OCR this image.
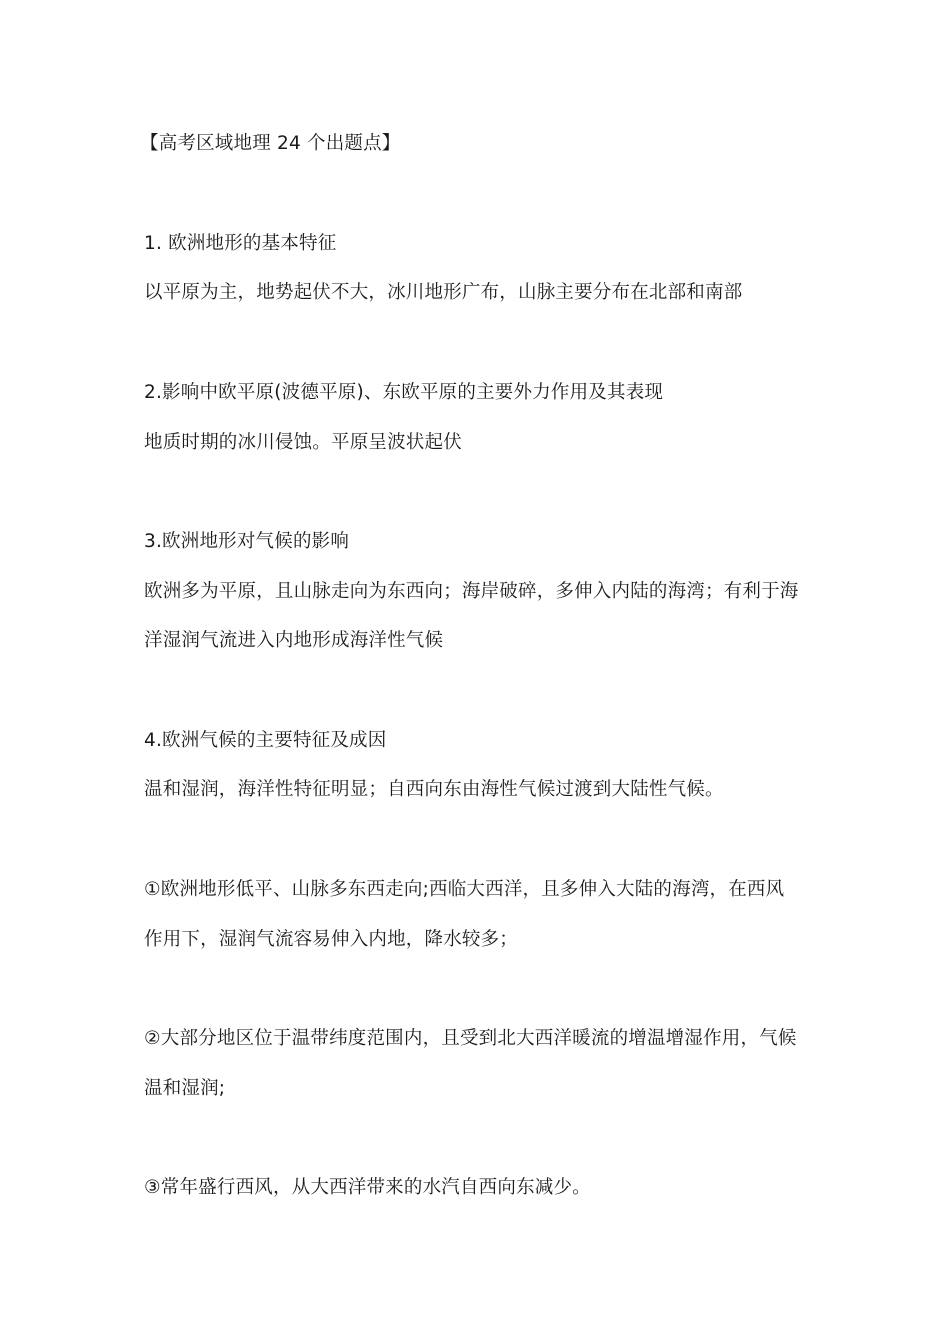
【高考区域地理 24 个出题点】
1. 欧洲地形的基本特征
以平原为主，地势起伏不大，冰川地形广布，山脉主要分布在北部和南部
2.影响中欧平原(波德平原)、东欧平原的主要外力作用及其表现
地质时期的冰川侵蚀。平原呈波状起伏
3.欧洲地形对气候的影响
欧洲多为平原，且山脉走向为东西向；海岸破碎，多伸入内陆的海湾；有利于海
洋湿润气流进入内地形成海洋性气候
4.欧洲气候的主要特征及成因
温和湿润，海洋性特征明显；自西向东由海性气候过渡到大陆性气候。
①欧洲地形低平、山脉多东西走向;西临大西洋，且多伸入大陆的海湾，在西风
作用下，湿润气流容易伸入内地，降水较多；
②大部分地区位于温带纬度范围内，且受到北大西洋暖流的增温增湿作用，气候
温和湿润;
③常年盛行西风，从大西洋带来的水汽自西向东减少。
